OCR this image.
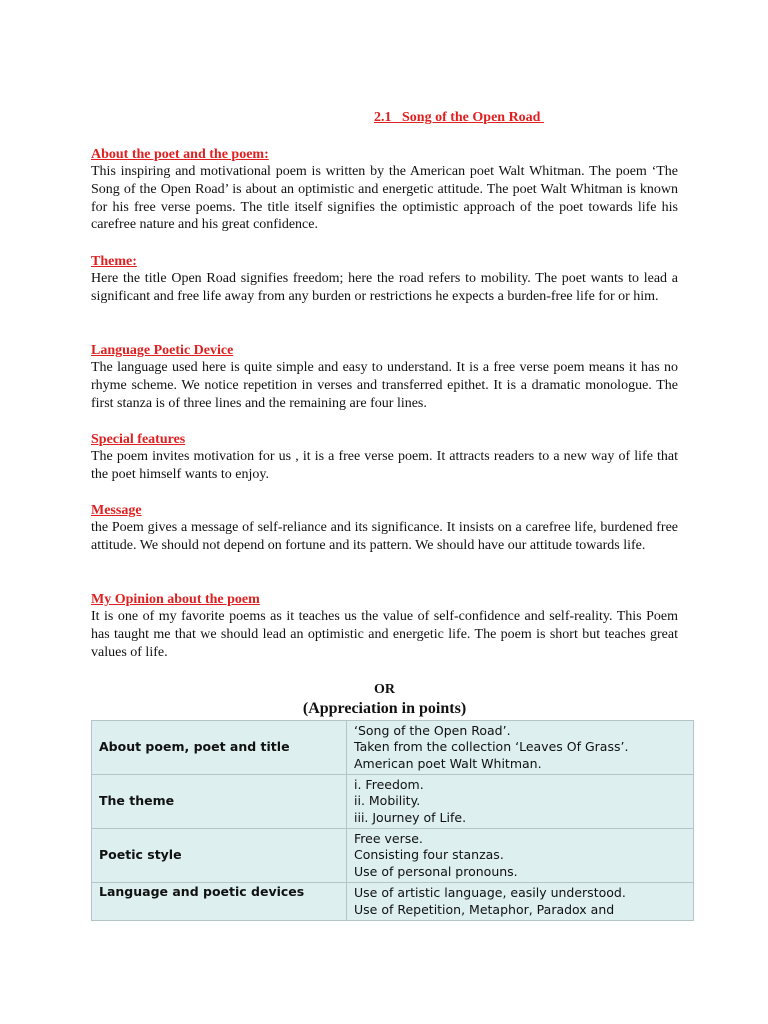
2.1 Song of the Open Road
About the poet and the poem:

This inspiring and motivational poem is written by the American poet Walt Whitman. The poem ‘The Song of the Open Road’ is about an optimistic and energetic attitude. The poet Walt Whitman is known for his free verse poems. The title itself signifies the optimistic approach of the poet towards life his carefree nature and his great confidence.

Theme:

Here the title Open Road signifies freedom; here the road refers to mobility. The poet wants to lead a significant and free life away from any burden or restrictions he expects a burden-free life for or him.

Language Poetic Device

The language used here is quite simple and easy to understand. It is a free verse poem means it has no rhyme scheme. We notice repetition in verses and transferred epithet. It is a dramatic monologue. The first stanza is of three lines and the remaining are four lines.

Special features

The poem invites motivation for us , it is a free verse poem. It attracts readers to a new way of life that the poet himself wants to enjoy.

Message

the Poem gives a message of self-reliance and its significance. It insists on a carefree life, burdened free attitude. We should not depend on fortune and its pattern. We should have our attitude towards life.

My Opinion about the poem

It is one of my favorite poems as it teaches us the value of self-confidence and self-reality. This Poem has taught me that we should lead an optimistic and energetic life. The poem is short but teaches great values of life.

OR
(Appreciation in points)
About poem, poet and title	‘Song of the Open Road’.
Taken from the collection ‘Leaves Of Grass’.
American poet Walt Whitman.

The theme	i. Freedom.
ii. Mobility.
iii. Journey of Life.

Poetic style	Free verse.
Consisting four stanzas.
Use of personal pronouns.

Language and poetic devices	Use of artistic language, easily understood.
Use of Repetition, Metaphor, Paradox and
